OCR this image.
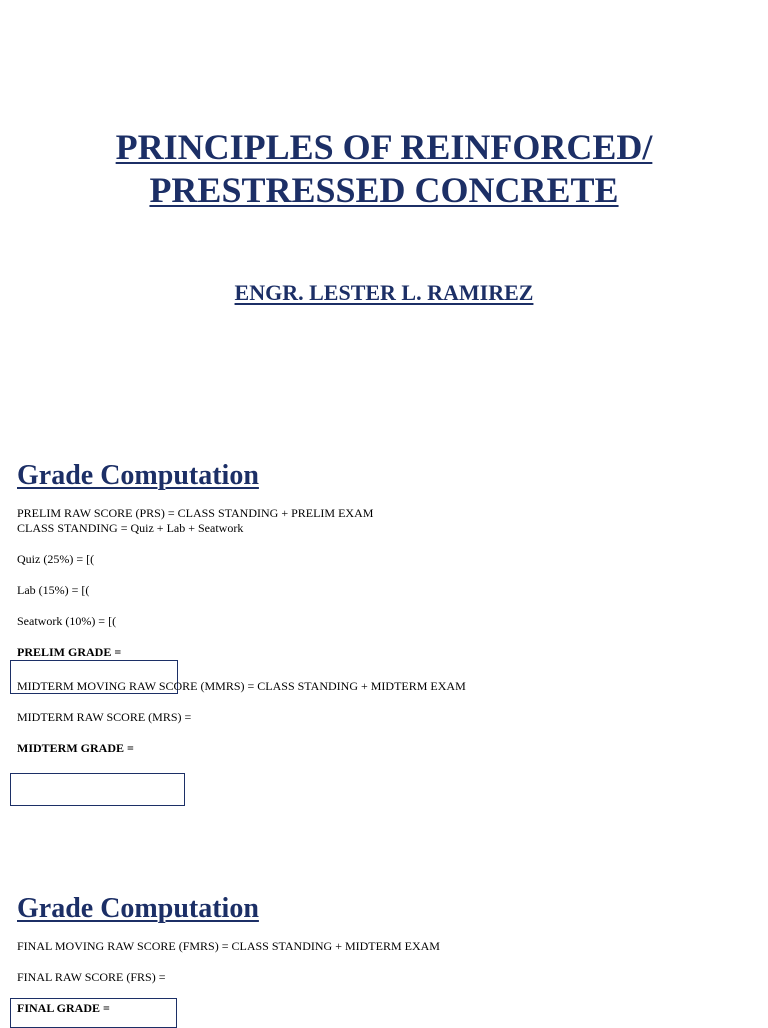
PRINCIPLES OF REINFORCED/
PRESTRESSED CONCRETE
ENGR. LESTER L. RAMIREZ
Grade Computation
PRELIM RAW SCORE (PRS) = CLASS STANDING + PRELIM EXAM
CLASS STANDING = Quiz + Lab + Seatwork
Quiz (25%) = [(
Lab (15%) = [(
Seatwork (10%) = [(
PRELIM GRADE =
MIDTERM MOVING RAW SCORE (MMRS) = CLASS STANDING + MIDTERM EXAM
MIDTERM RAW SCORE (MRS) =
MIDTERM GRADE =
Grade Computation
FINAL MOVING RAW SCORE (FMRS) = CLASS STANDING + MIDTERM EXAM
FINAL RAW SCORE (FRS) =
FINAL GRADE =
